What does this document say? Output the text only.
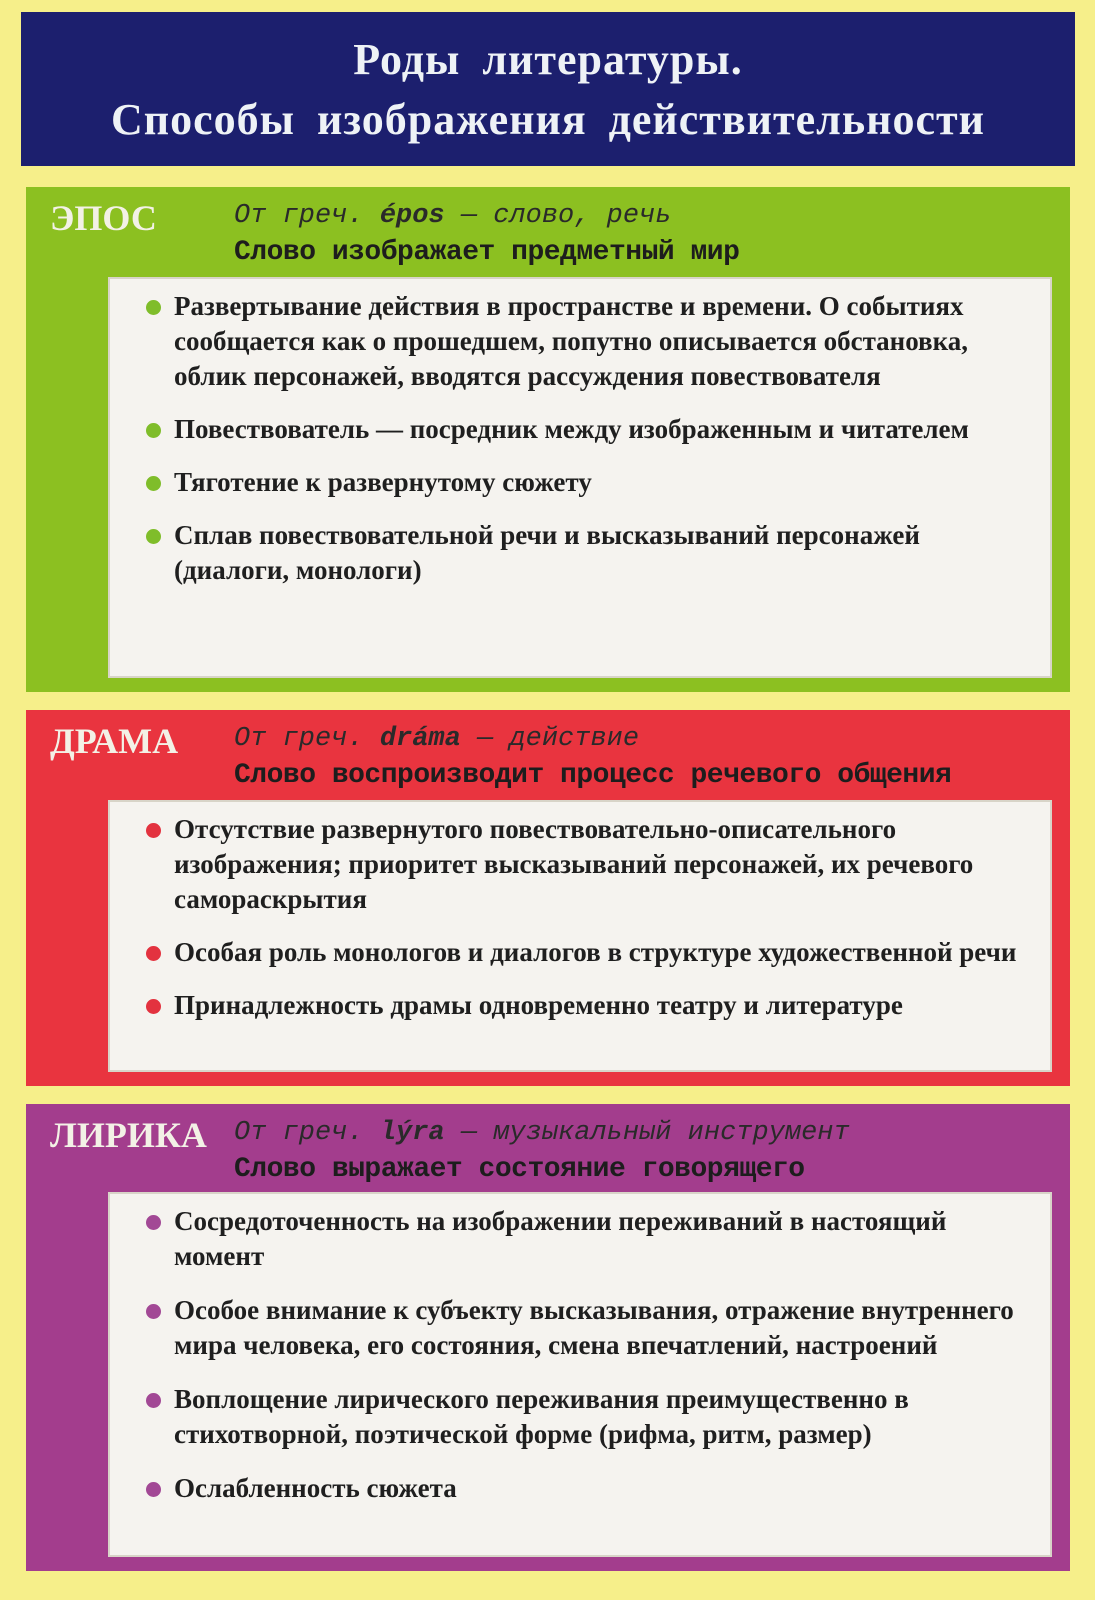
Роды литературы.
Способы изображения действительности
ЭПОС	От греч. épos — слово, речь
Слово изображает предметный мир
Развертывание действия в пространстве и времени. О событиях сообщается как о прошедшем, попутно описывается обстановка, облик персонажей, вводятся рассуждения повествователя
Повествователь — посредник между изображенным и читателем
Тяготение к развернутому сюжету
Сплав повествовательной речи и высказываний персонажей (диалоги, монологи)
ДРАМА От греч. dráma — действие
Слово воспроизводит процесс речевого общения
Отсутствие развернутого повествовательно-описательного изображения; приоритет высказываний персонажей, их речевого самораскрытия
Особая роль монологов и диалогов в структуре художественной речи
Принадлежность драмы одновременно театру и литературе
ЛИРИКА От греч. lýra — музыкальный инструмент
Слово выражает состояние говорящего
Сосредоточенность на изображении переживаний в настоящий момент
Особое внимание к субъекту высказывания, отражение внутреннего мира человека, его состояния, смена впечатлений, настроений
Воплощение лирического переживания преимущественно в стихотворной, поэтической форме (рифма, ритм, размер)
Ослабленность сюжета
